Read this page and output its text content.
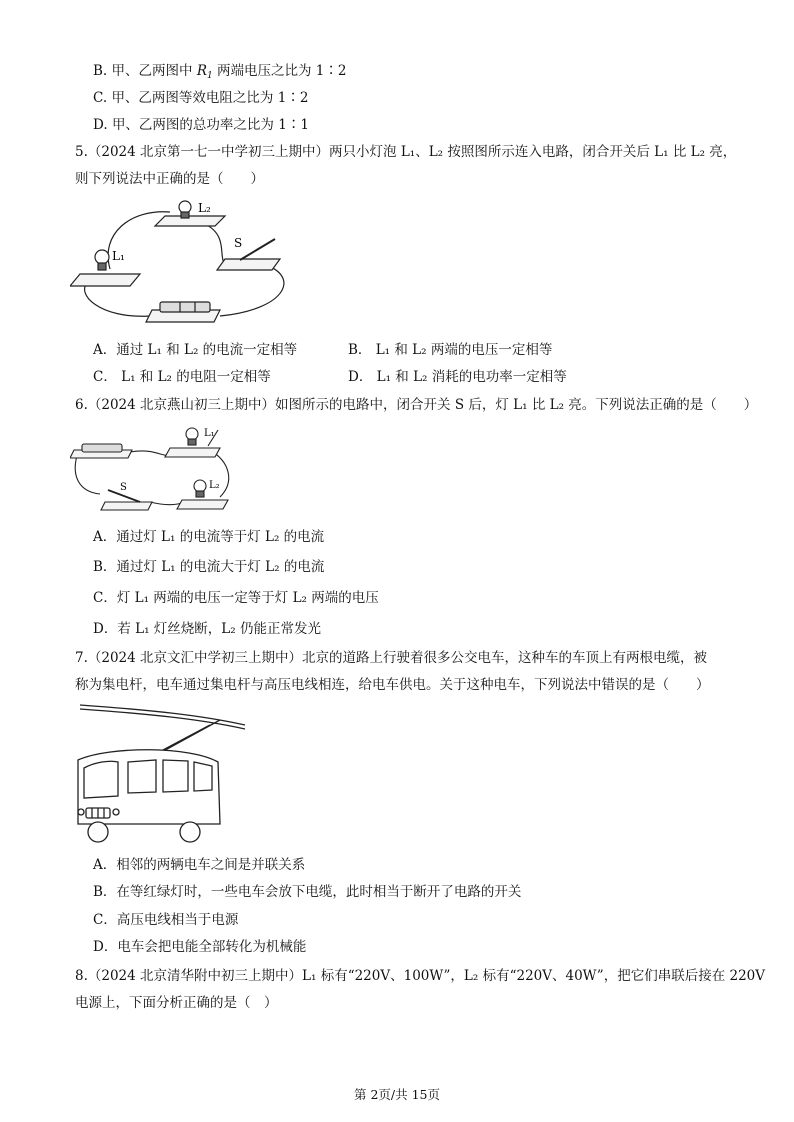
B. 甲、乙两图中 $R_1$ 两端电压之比为 1∶2
C. 甲、乙两图等效电阻之比为 1∶2
D. 甲、乙两图的总功率之比为 1∶1
5.（2024 北京第一七一中学初三上期中）两只小灯泡 L₁、L₂ 按照图所示连入电路，闭合开关后 L₁ 比 L₂ 亮，
则下列说法中正确的是（　　）
L₂
L₁
S
A．通过 L₁ 和 L₂ 的电流一定相等	B． L₁ 和 L₂ 两端的电压一定相等
C． L₁ 和 L₂ 的电阻一定相等	D． L₁ 和 L₂ 消耗的电功率一定相等
6.（2024 北京燕山初三上期中）如图所示的电路中，闭合开关 S 后，灯 L₁ 比 L₂ 亮。下列说法正确的是（　　）
L₁
L₂
S
A．通过灯 L₁ 的电流等于灯 L₂ 的电流
B．通过灯 L₁ 的电流大于灯 L₂ 的电流
C．灯 L₁ 两端的电压一定等于灯 L₂ 两端的电压
D．若 L₁ 灯丝烧断，L₂ 仍能正常发光
7.（2024 北京文汇中学初三上期中）北京的道路上行驶着很多公交电车，这种车的车顶上有两根电缆，被
称为集电杆，电车通过集电杆与高压电线相连，给电车供电。关于这种电车，下列说法中错误的是（　　）
A．相邻的两辆电车之间是并联关系
B．在等红绿灯时，一些电车会放下电缆，此时相当于断开了电路的开关
C．高压电线相当于电源
D．电车会把电能全部转化为机械能
8.（2024 北京清华附中初三上期中）L₁ 标有“220V、100W”，L₂ 标有“220V、40W”，把它们串联后接在 220V
电源上，下面分析正确的是（　）
第 2页/共 15页
